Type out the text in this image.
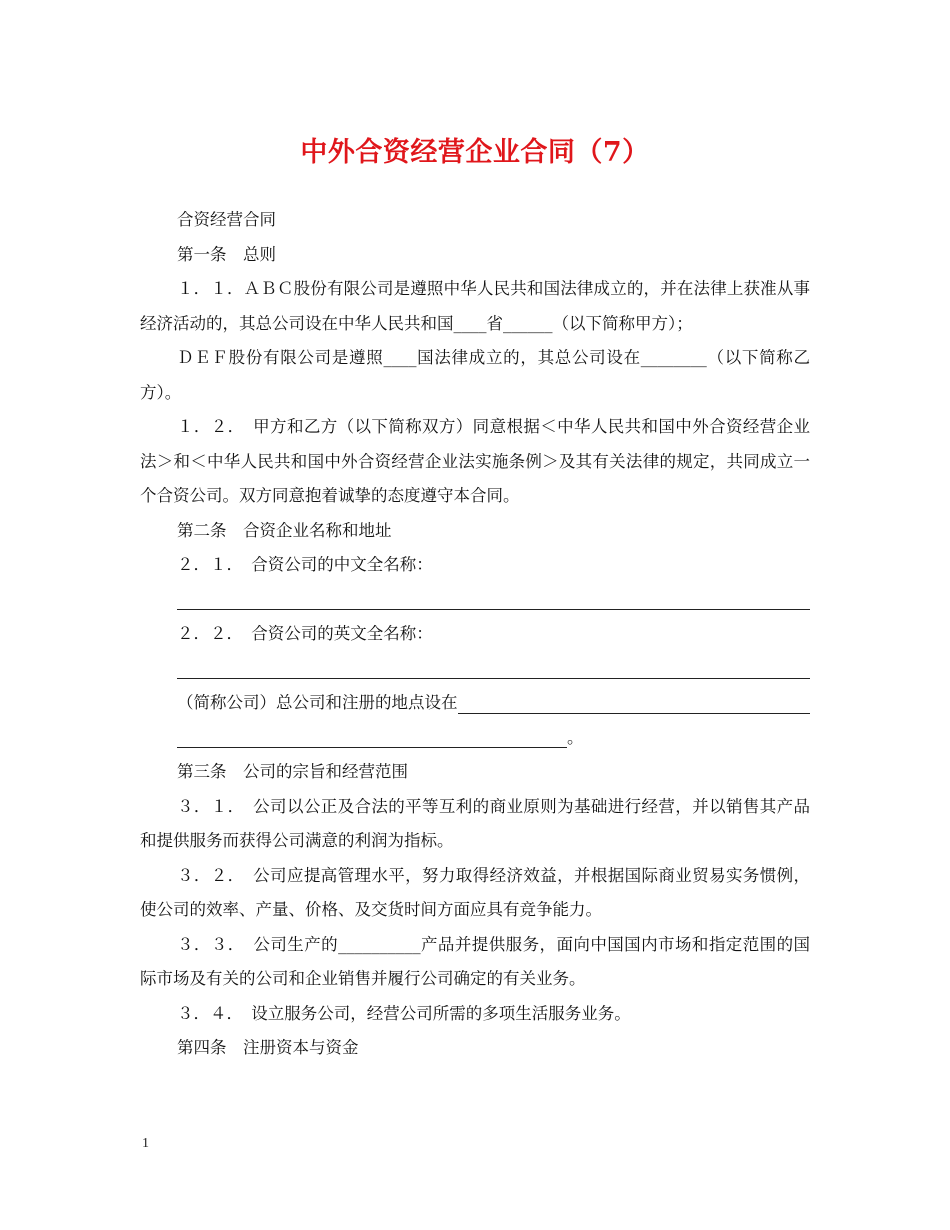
中外合资经营企业合同（7）

合资经营合同

第一条　总则

１．１．ＡＢＣ股份有限公司是遵照中华人民共和国法律成立的，并在法律上获准从事经济活动的，其总公司设在中华人民共和国____省______（以下简称甲方）；

ＤＥＦ股份有限公司是遵照____国法律成立的，其总公司设在________（以下简称乙方）。

１．２．　甲方和乙方（以下简称双方）同意根据＜中华人民共和国中外合资经营企业法＞和＜中华人民共和国中外合资经营企业法实施条例＞及其有关法律的规定，共同成立一个合资公司。双方同意抱着诚挚的态度遵守本合同。

第二条　合资企业名称和地址

２．１．　合资公司的中文全名称：

２．２．　合资公司的英文全名称：

（简称公司）总公司和注册的地点设在
。

第三条　公司的宗旨和经营范围

３．１．　公司以公正及合法的平等互利的商业原则为基础进行经营，并以销售其产品和提供服务而获得公司满意的利润为指标。

３．２．　公司应提高管理水平，努力取得经济效益，并根据国际商业贸易实务惯例，使公司的效率、产量、价格、及交货时间方面应具有竞争能力。

３．３．　公司生产的__________产品并提供服务，面向中国国内市场和指定范围的国际市场及有关的公司和企业销售并履行公司确定的有关业务。

３．４．　设立服务公司，经营公司所需的多项生活服务业务。

第四条　注册资本与资金

1
